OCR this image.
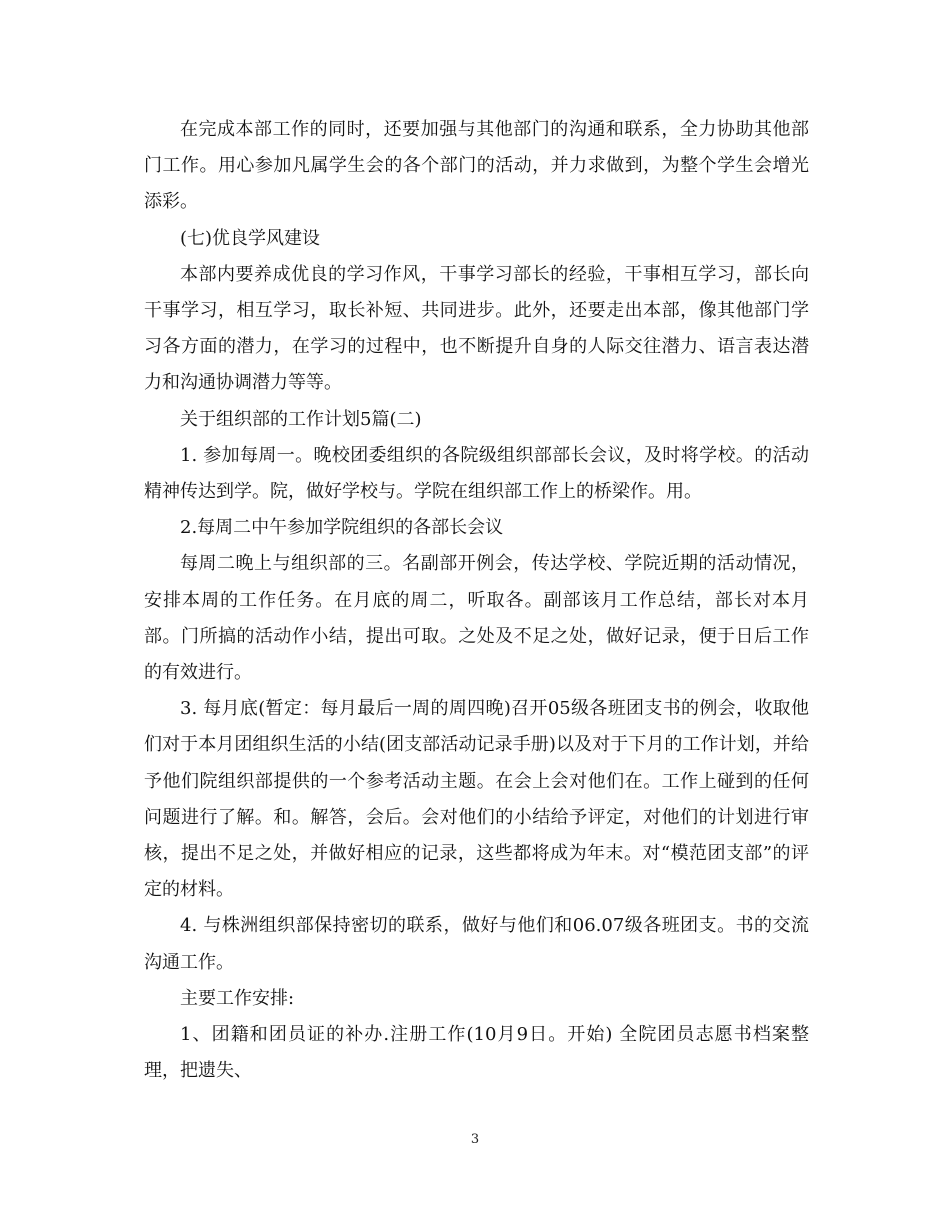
在完成本部工作的同时，还要加强与其他部门的沟通和联系，全力协助其他部门工作。用心参加凡属学生会的各个部门的活动，并力求做到，为整个学生会增光添彩。

(七)优良学风建设

本部内要养成优良的学习作风，干事学习部长的经验，干事相互学习，部长向干事学习，相互学习，取长补短、共同进步。此外，还要走出本部，像其他部门学习各方面的潜力，在学习的过程中，也不断提升自身的人际交往潜力、语言表达潜力和沟通协调潜力等等。

关于组织部的工作计划5篇(二)

1. 参加每周一。晚校团委组织的各院级组织部部长会议，及时将学校。的活动精神传达到学。院，做好学校与。学院在组织部工作上的桥梁作。用。

2.每周二中午参加学院组织的各部长会议

每周二晚上与组织部的三。名副部开例会，传达学校、学院近期的活动情况，安排本周的工作任务。在月底的周二，听取各。副部该月工作总结，部长对本月部。门所搞的活动作小结，提出可取。之处及不足之处，做好记录，便于日后工作的有效进行。

3. 每月底(暂定：每月最后一周的周四晚)召开05级各班团支书的例会，收取他们对于本月团组织生活的小结(团支部活动记录手册)以及对于下月的工作计划，并给予他们院组织部提供的一个参考活动主题。在会上会对他们在。工作上碰到的任何问题进行了解。和。解答，会后。会对他们的小结给予评定，对他们的计划进行审核，提出不足之处，并做好相应的记录，这些都将成为年末。对“模范团支部”的评定的材料。

4. 与株洲组织部保持密切的联系，做好与他们和06.07级各班团支。书的交流沟通工作。

主要工作安排:

1、团籍和团员证的补办.注册工作(10月9日。开始) 全院团员志愿书档案整理，把遗失、

3
